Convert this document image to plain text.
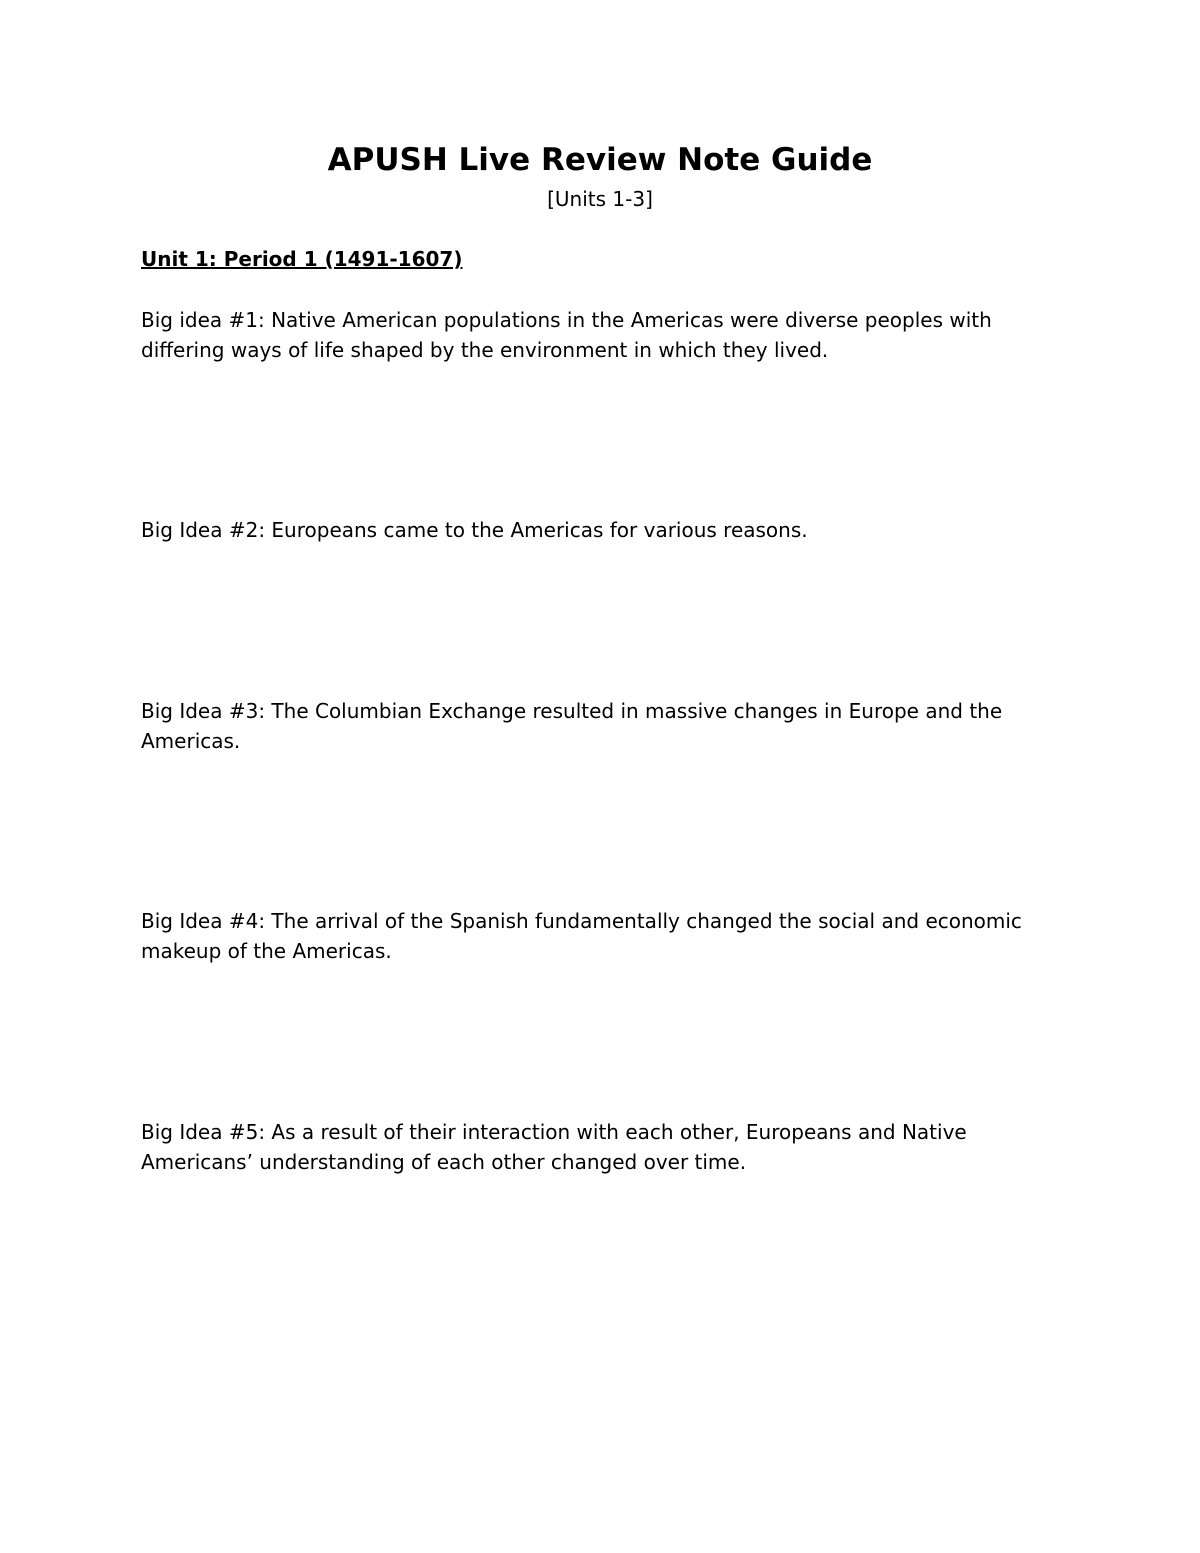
APUSH Live Review Note Guide

[Units 1-3]

Unit 1: Period 1 (1491-1607)

Big idea #1: Native American populations in the Americas were diverse peoples with differing ways of life shaped by the environment in which they lived.

Big Idea #2: Europeans came to the Americas for various reasons.

Big Idea #3: The Columbian Exchange resulted in massive changes in Europe and the Americas.

Big Idea #4: The arrival of the Spanish fundamentally changed the social and economic makeup of the Americas.

Big Idea #5: As a result of their interaction with each other, Europeans and Native Americans’ understanding of each other changed over time.
